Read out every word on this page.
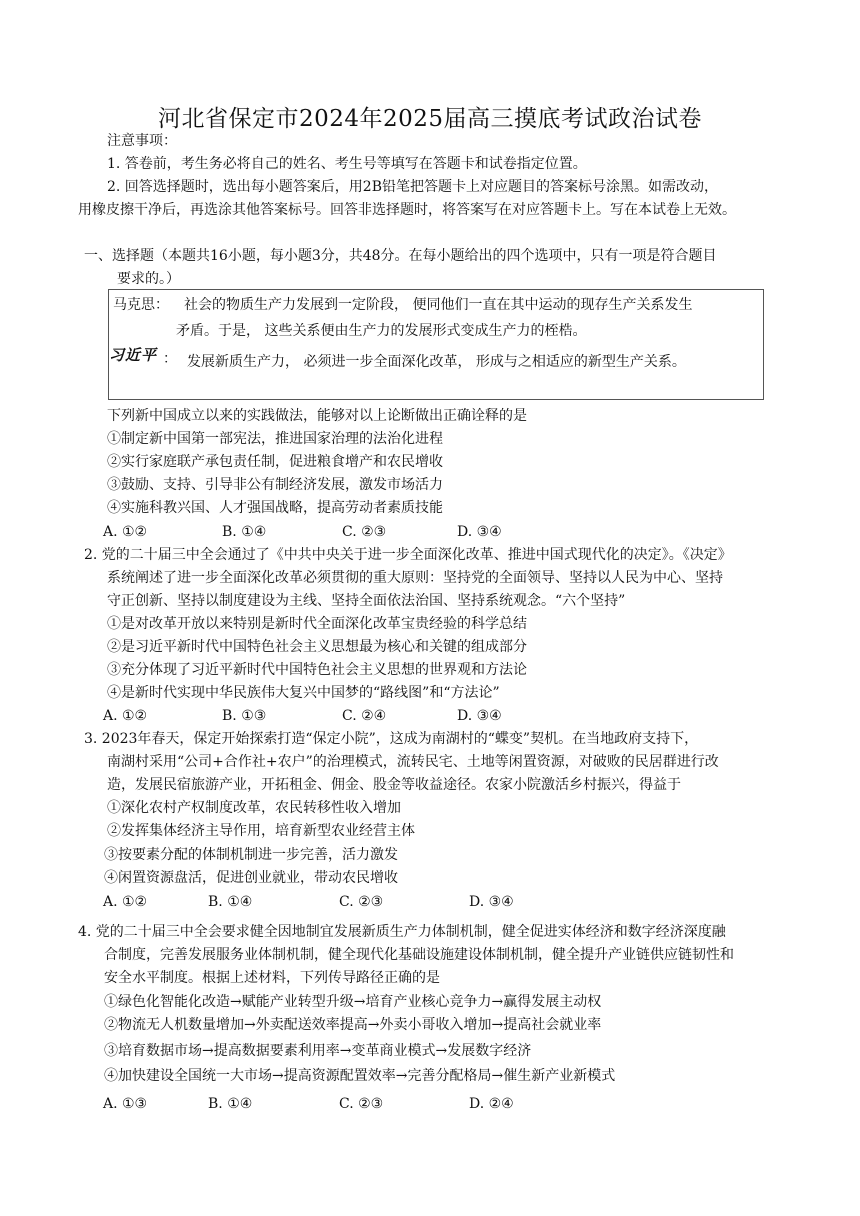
河北省保定市2024年2025届高三摸底考试政治试卷
注意事项：
1. 答卷前，考生务必将自己的姓名、考生号等填写在答题卡和试卷指定位置。
2. 回答选择题时，选出每小题答案后，用2B铅笔把答题卡上对应题目的答案标号涂黑。如需改动，
用橡皮擦干净后，再选涂其他答案标号。回答非选择题时，将答案写在对应答题卡上。写在本试卷上无效。
一、选择题（本题共16小题，每小题3分，共48分。在每小题给出的四个选项中，只有一项是符合题目
要求的。）
马克思： 社会的物质生产力发展到一定阶段， 便同他们一直在其中运动的现存生产关系发生
矛盾。于是， 这些关系便由生产力的发展形式变成生产力的桎梏。
习近平 ： 发展新质生产力， 必须进一步全面深化改革， 形成与之相适应的新型生产关系。
下列新中国成立以来的实践做法，能够对以上论断做出正确诠释的是
①制定新中国第一部宪法，推进国家治理的法治化进程
②实行家庭联产承包责任制，促进粮食增产和农民增收
③鼓励、支持、引导非公有制经济发展，激发市场活力
④实施科教兴国、人才强国战略，提高劳动者素质技能
A. ①②	B. ①④	C. ②③	D. ③④
2. 党的二十届三中全会通过了《中共中央关于进一步全面深化改革、推进中国式现代化的决定》。《决定》
系统阐述了进一步全面深化改革必须贯彻的重大原则：坚持党的全面领导、坚持以人民为中心、坚持
守正创新、坚持以制度建设为主线、坚持全面依法治国、坚持系统观念。“六个坚持”
①是对改革开放以来特别是新时代全面深化改革宝贵经验的科学总结
②是习近平新时代中国特色社会主义思想最为核心和关键的组成部分
③充分体现了习近平新时代中国特色社会主义思想的世界观和方法论
④是新时代实现中华民族伟大复兴中国梦的“路线图”和“方法论”
A. ①②	B. ①③	C. ②④	D. ③④
3. 2023年春天，保定开始探索打造“保定小院”，这成为南湖村的“蝶变”契机。在当地政府支持下，
南湖村采用“公司+合作社+农户”的治理模式，流转民宅、土地等闲置资源，对破败的民居群进行改
造，发展民宿旅游产业，开拓租金、佣金、股金等收益途径。农家小院激活乡村振兴，得益于
①深化农村产权制度改革，农民转移性收入增加
②发挥集体经济主导作用，培育新型农业经营主体
③按要素分配的体制机制进一步完善，活力激发
④闲置资源盘活，促进创业就业，带动农民增收
A. ①②	B. ①④	C. ②③	D. ③④
4. 党的二十届三中全会要求健全因地制宜发展新质生产力体制机制，健全促进实体经济和数字经济深度融
合制度，完善发展服务业体制机制，健全现代化基础设施建设体制机制，健全提升产业链供应链韧性和
安全水平制度。根据上述材料，下列传导路径正确的是
①绿色化智能化改造→赋能产业转型升级→培育产业核心竞争力→赢得发展主动权
②物流无人机数量增加→外卖配送效率提高→外卖小哥收入增加→提高社会就业率
③培育数据市场→提高数据要素利用率→变革商业模式→发展数字经济
④加快建设全国统一大市场→提高资源配置效率→完善分配格局→催生新产业新模式
A. ①③	B. ①④	C. ②③	D. ②④
